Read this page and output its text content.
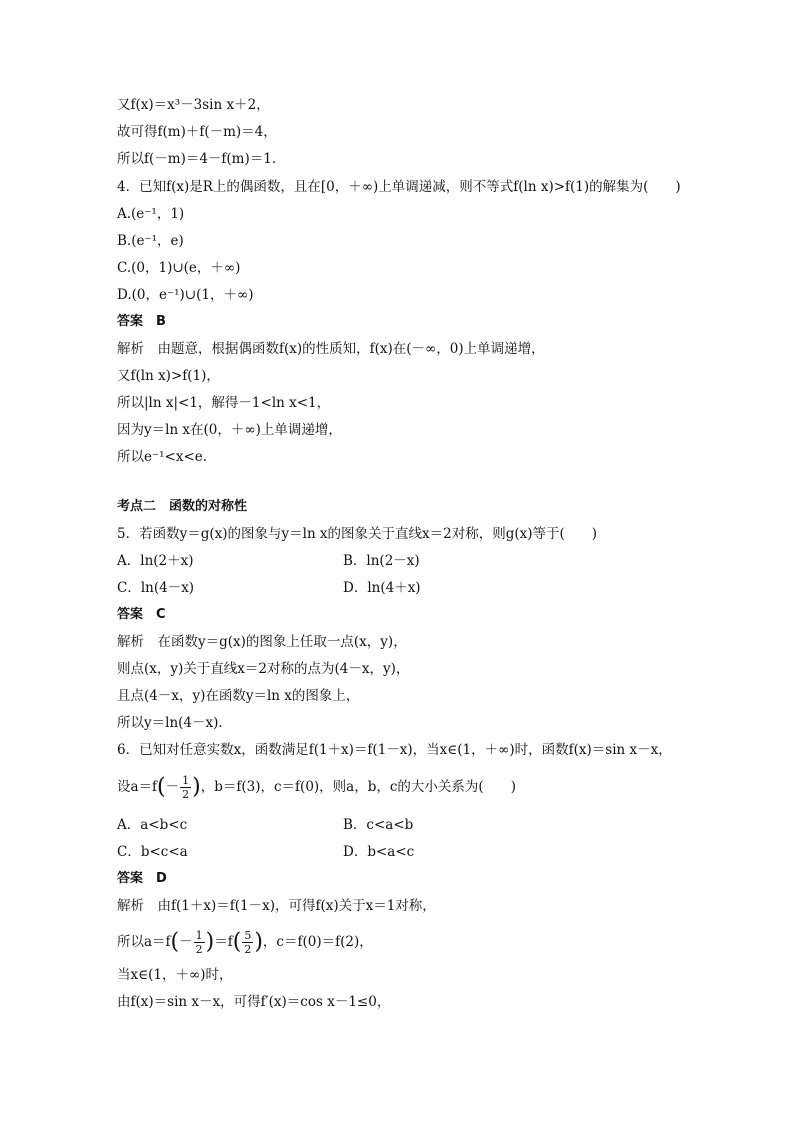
又f(x)＝x³－3sin x＋2，
故可得f(m)＋f(－m)＝4，
所以f(－m)＝4－f(m)＝1.
4．已知f(x)是R上的偶函数，且在[0，＋∞)上单调递减，则不等式f(ln x)>f(1)的解集为(　　)
A.(e⁻¹，1)
B.(e⁻¹，e)
C.(0，1)∪(e，＋∞)
D.(0，e⁻¹)∪(1，＋∞)
答案　B
解析　由题意，根据偶函数f(x)的性质知，f(x)在(－∞，0)上单调递增，
又f(ln x)>f(1)，
所以|ln x|<1，解得－1<ln x<1，
因为y＝ln x在(0，＋∞)上单调递增，
所以e⁻¹<x<e.
考点二　函数的对称性
5．若函数y＝g(x)的图象与y＝ln x的图象关于直线x＝2对称，则g(x)等于(　　)
A．ln(2＋x)	B．ln(2－x)
C．ln(4－x)	D．ln(4＋x)
答案　C
解析　在函数y＝g(x)的图象上任取一点(x，y)，
则点(x，y)关于直线x＝2对称的点为(4－x，y)，
且点(4－x，y)在函数y＝ln x的图象上，
所以y＝ln(4－x).
6．已知对任意实数x，函数满足f(1＋x)＝f(1－x)，当x∈(1，＋∞)时，函数f(x)＝sin x－x，
设$a=f(- \frac{1}{2}$ )，b＝f(3)，c＝f(0)，则a，b，c的大小关系为(　　)
A．a<b<c	B．c<a<b
C．b<c<a	D．b<a<c
答案　D
解析　由f(1＋x)＝f(1－x)，可得f(x)关于x＝1对称，
所以$a=f(- \frac{1}{2} )=f( \frac{5}{2}$ )，c＝f(0)＝f(2)，
当x∈(1，＋∞)时，
由f(x)＝sin x－x，可得f′(x)＝cos x－1≤0，
